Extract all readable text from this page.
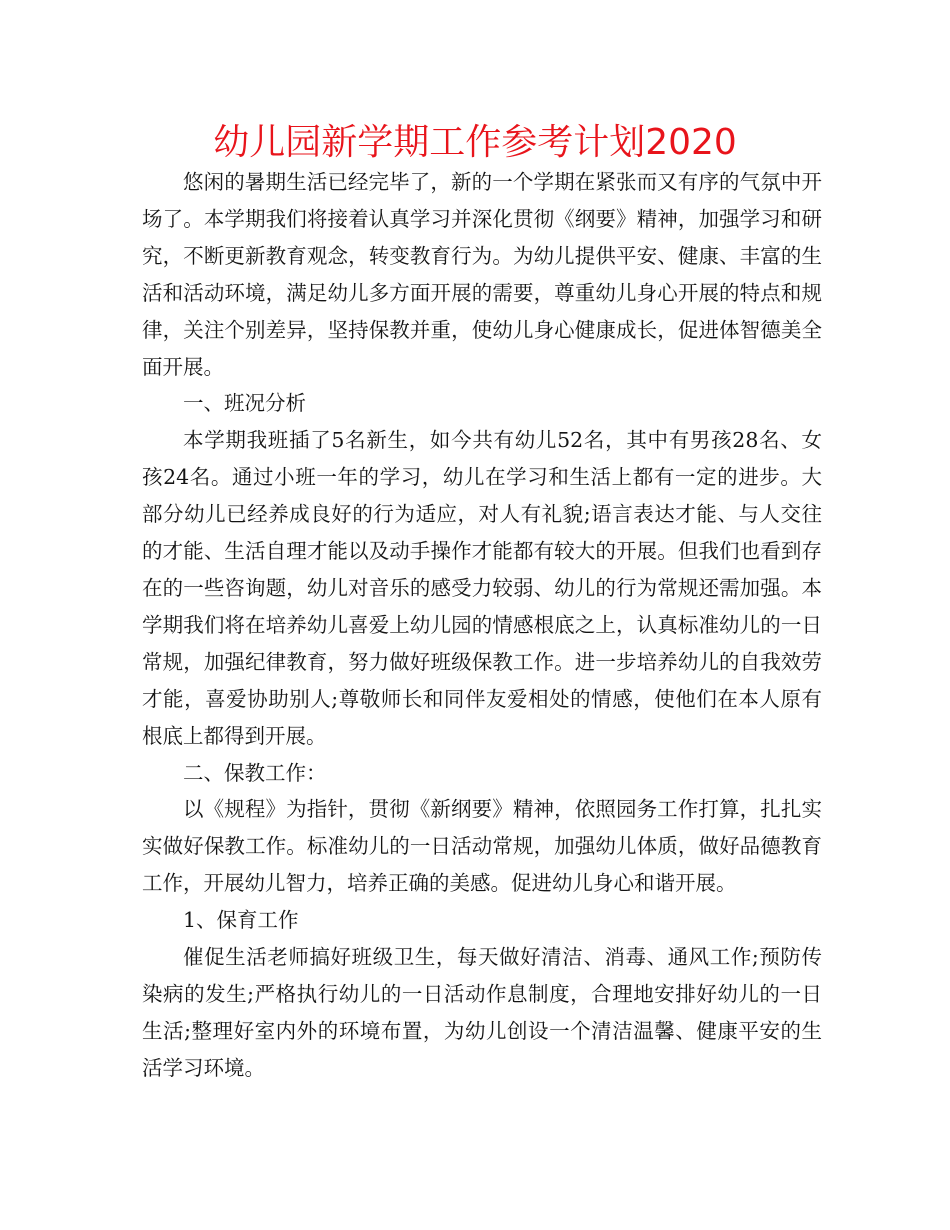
幼儿园新学期工作参考计划2020

悠闲的暑期生活已经完毕了，新的一个学期在紧张而又有序的气氛中开场了。本学期我们将接着认真学习并深化贯彻《纲要》精神，加强学习和研究，不断更新教育观念，转变教育行为。为幼儿提供平安、健康、丰富的生活和活动环境，满足幼儿多方面开展的需要，尊重幼儿身心开展的特点和规律，关注个别差异，坚持保教并重，使幼儿身心健康成长，促进体智德美全面开展。

一、班况分析

本学期我班插了5名新生，如今共有幼儿52名，其中有男孩28名、女孩24名。通过小班一年的学习，幼儿在学习和生活上都有一定的进步。大部分幼儿已经养成良好的行为适应，对人有礼貌;语言表达才能、与人交往的才能、生活自理才能以及动手操作才能都有较大的开展。但我们也看到存在的一些咨询题，幼儿对音乐的感受力较弱、幼儿的行为常规还需加强。本学期我们将在培养幼儿喜爱上幼儿园的情感根底之上，认真标准幼儿的一日常规，加强纪律教育，努力做好班级保教工作。进一步培养幼儿的自我效劳才能，喜爱协助别人;尊敬师长和同伴友爱相处的情感，使他们在本人原有根底上都得到开展。

二、保教工作：

以《规程》为指针，贯彻《新纲要》精神，依照园务工作打算，扎扎实实做好保教工作。标准幼儿的一日活动常规，加强幼儿体质，做好品德教育工作，开展幼儿智力，培养正确的美感。促进幼儿身心和谐开展。

1、保育工作

催促生活老师搞好班级卫生，每天做好清洁、消毒、通风工作;预防传染病的发生;严格执行幼儿的一日活动作息制度，合理地安排好幼儿的一日生活;整理好室内外的环境布置，为幼儿创设一个清洁温馨、健康平安的生活学习环境。
